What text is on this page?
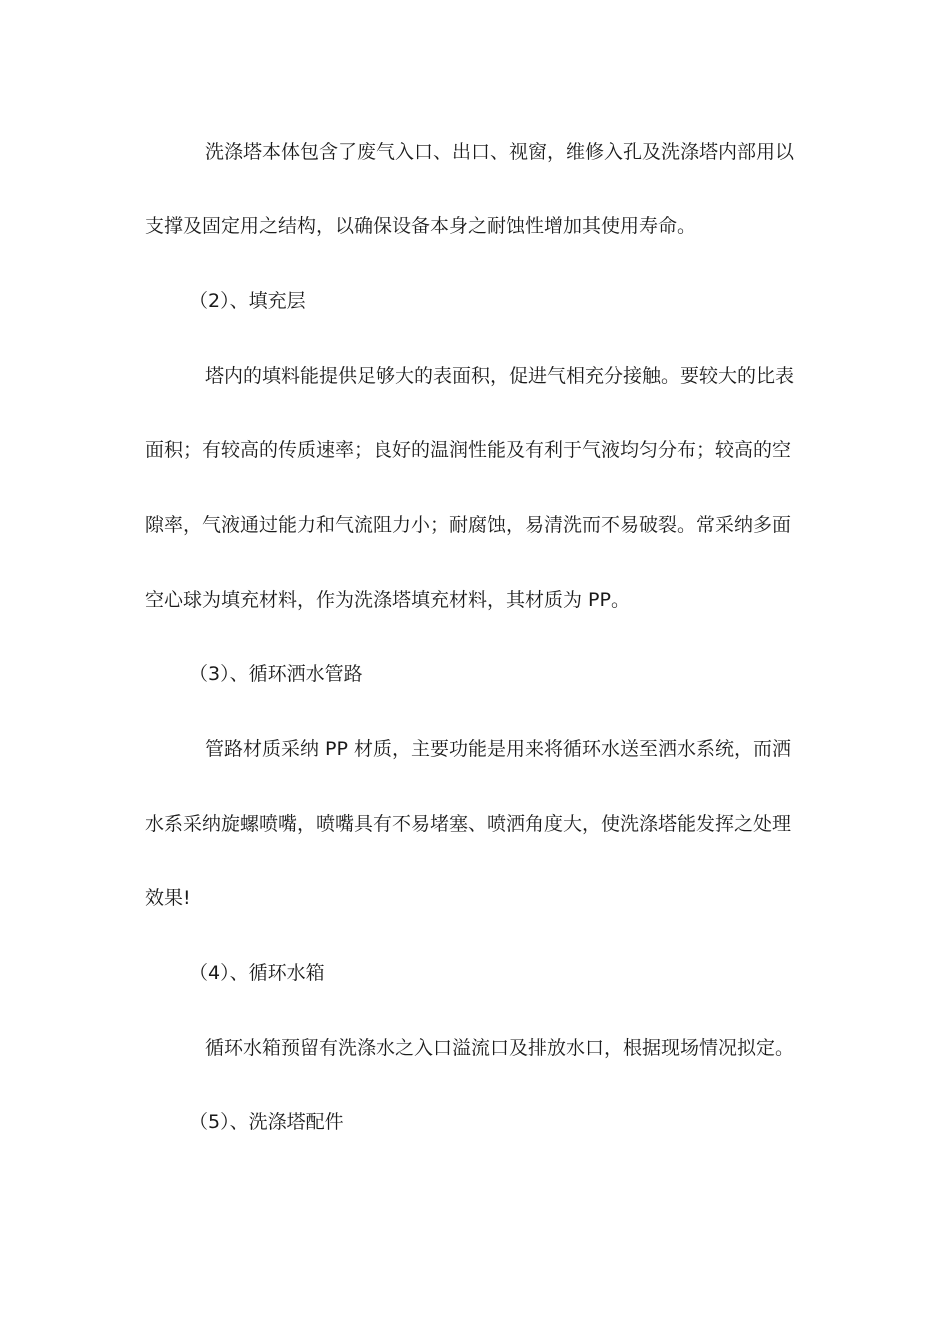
洗涤塔本体包含了废气入口、出口、视窗，维修入孔及洗涤塔内部用以
支撑及固定用之结构，以确保设备本身之耐蚀性增加其使用寿命。
（2）、填充层
塔内的填料能提供足够大的表面积，促进气相充分接触。要较大的比表
面积；有较高的传质速率；良好的温润性能及有利于气液均匀分布；较高的空
隙率，气液通过能力和气流阻力小；耐腐蚀，易清洗而不易破裂。常采纳多面
空心球为填充材料，作为洗涤塔填充材料，其材质为 PP。
（3）、循环洒水管路
管路材质采纳 PP 材质，主要功能是用来将循环水送至洒水系统，而洒
水系采纳旋螺喷嘴，喷嘴具有不易堵塞、喷洒角度大，使洗涤塔能发挥之处理
效果!
（4）、循环水箱
循环水箱预留有洗涤水之入口溢流口及排放水口，根据现场情况拟定。
（5）、洗涤塔配件
